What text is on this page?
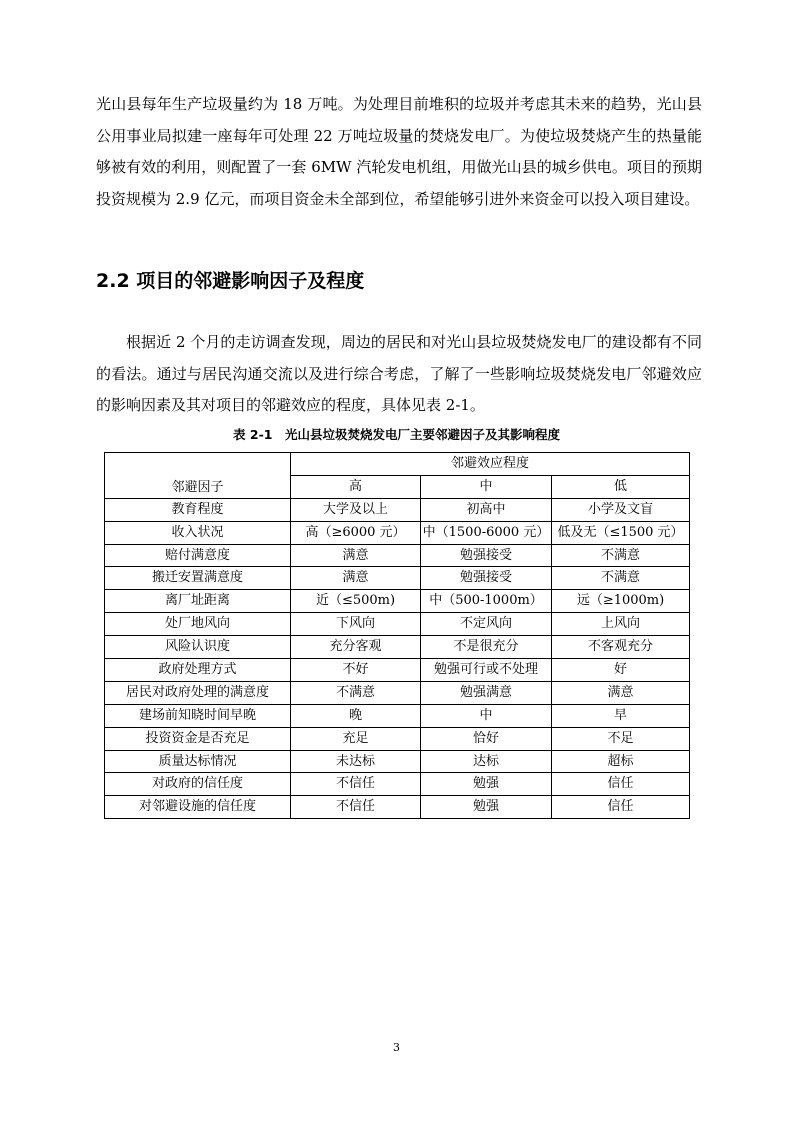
光山县每年生产垃圾量约为 18 万吨。为处理目前堆积的垃圾并考虑其未来的趋势，光山县公用事业局拟建一座每年可处理 22 万吨垃圾量的焚烧发电厂。为使垃圾焚烧产生的热量能够被有效的利用，则配置了一套 6MW 汽轮发电机组，用做光山县的城乡供电。项目的预期投资规模为 2.9 亿元，而项目资金未全部到位，希望能够引进外来资金可以投入项目建设。

2.2 项目的邻避影响因子及程度

根据近 2 个月的走访调查发现，周边的居民和对光山县垃圾焚烧发电厂的建设都有不同的看法。通过与居民沟通交流以及进行综合考虑，了解了一些影响垃圾焚烧发电厂邻避效应的影响因素及其对项目的邻避效应的程度，具体见表 2-1。

表 2-1　光山县垃圾焚烧发电厂主要邻避因子及其影响程度

邻避因子	邻避效应程度		
	高	中	低
教育程度	大学及以上	初高中	小学及文盲
收入状况	高（≥6000 元）	中（1500-6000 元）	低及无（≤1500 元）
赔付满意度	满意	勉强接受	不满意
搬迁安置满意度	满意	勉强接受	不满意
离厂址距离	近（≤500m)	中（500-1000m）	远（≥1000m)
处厂地风向	下风向	不定风向	上风向
风险认识度	充分客观	不是很充分	不客观充分
政府处理方式	不好	勉强可行或不处理	好
居民对政府处理的满意度	不满意	勉强满意	满意
建场前知晓时间早晚	晚	中	早
投资资金是否充足	充足	恰好	不足
质量达标情况	未达标	达标	超标
对政府的信任度	不信任	勉强	信任
对邻避设施的信任度	不信任	勉强	信任

3
